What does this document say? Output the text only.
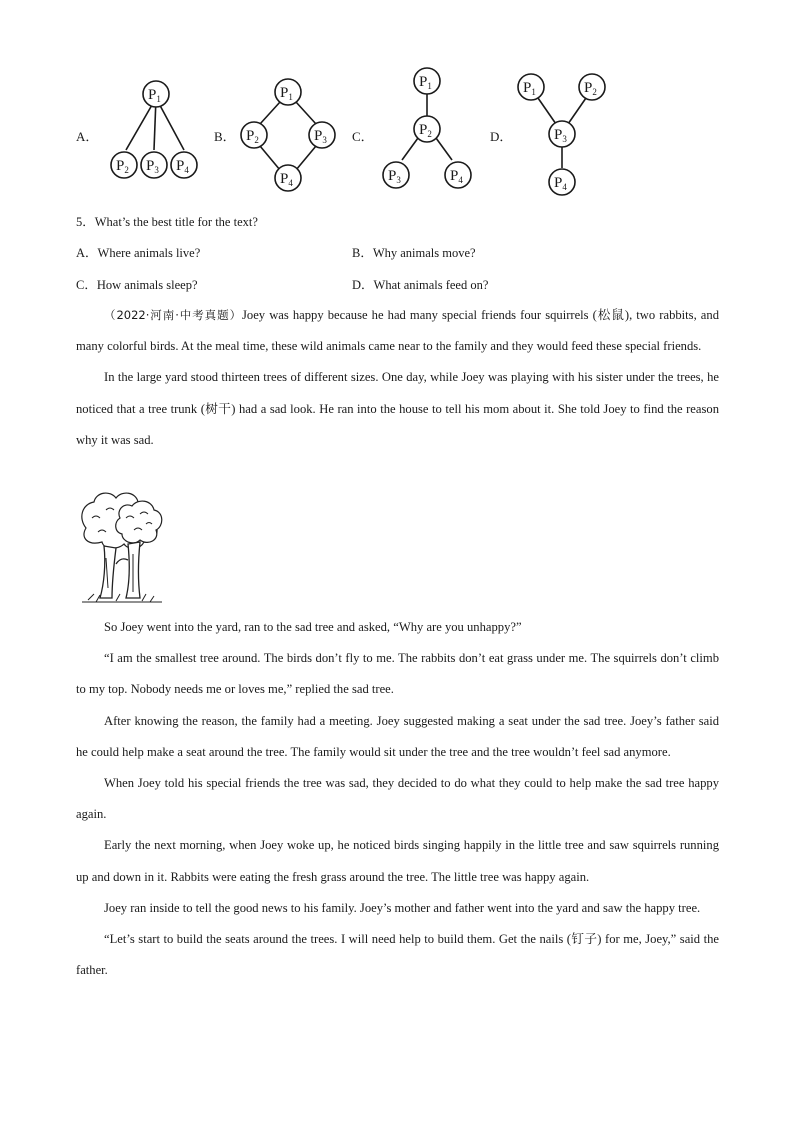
A．
$P_1$
$P_2$ $P_3$ $P_4$
B．
$P_1$
$P_2$	$P_3$
$P_4$
C．
$P_1$
$P_2$
$P_3$	$P_4$
D．
$P_1$	$P_2$
$P_3$
$P_4$
5．What’s the best title for the text?
A．Where animals live?	B．Why animals move?
C．How animals sleep?	D．What animals feed on?

（2022·河南·中考真题）Joey was happy because he had many special friends four squirrels (松鼠), two rabbits, and many colorful birds. At the meal time, these wild animals came near to the family and they would feed these special friends.

In the large yard stood thirteen trees of different sizes. One day, while Joey was playing with his sister under the trees, he noticed that a tree trunk (树干) had a sad look. He ran into the house to tell his mom about it. She told Joey to find the reason why it was sad.

So Joey went into the yard, ran to the sad tree and asked, “Why are you unhappy?”

“I am the smallest tree around. The birds don’t fly to me. The rabbits don’t eat grass under me. The squirrels don’t climb to my top. Nobody needs me or loves me,” replied the sad tree.

After knowing the reason, the family had a meeting. Joey suggested making a seat under the sad tree. Joey’s father said he could help make a seat around the tree. The family would sit under the tree and the tree wouldn’t feel sad anymore.

When Joey told his special friends the tree was sad, they decided to do what they could to help make the sad tree happy again.

Early the next morning, when Joey woke up, he noticed birds singing happily in the little tree and saw squirrels running up and down in it. Rabbits were eating the fresh grass around the tree. The little tree was happy again.

Joey ran inside to tell the good news to his family. Joey’s mother and father went into the yard and saw the happy tree.

“Let’s start to build the seats around the trees. I will need help to build them. Get the nails (钉子) for me, Joey,” said the father.
